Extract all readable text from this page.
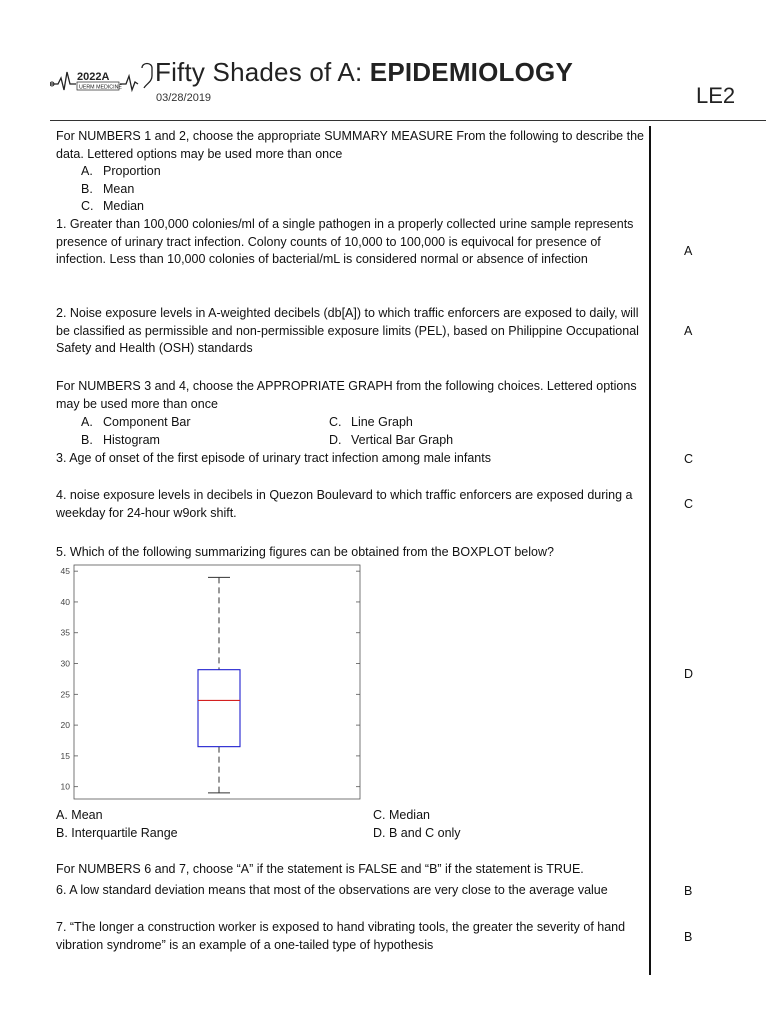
2022A
UERM MEDICINE
Fifty Shades of A: EPIDEMIOLOGY
03/28/2019	LE2
For NUMBERS 1 and 2, choose the appropriate SUMMARY MEASURE From the following to describe the data. Lettered options may be used more than once
A. Proportion
B. Mean
C. Median
1. Greater than 100,000 colonies/ml of a single pathogen in a properly collected urine sample represents presence of urinary tract infection. Colony counts of 10,000 to 100,000 is equivocal for presence of infection. Less than 10,000 colonies of bacterial/mL is considered normal or absence of infection
A
2. Noise exposure levels in A-weighted decibels (db[A]) to which traffic enforcers are exposed to daily, will be classified as permissible and non-permissible exposure limits (PEL), based on Philippine Occupational Safety and Health (OSH) standards
A
For NUMBERS 3 and 4, choose the APPROPRIATE GRAPH from the following choices. Lettered options may be used more than once
A. Component Bar
B. Histogram
C. Line Graph
D. Vertical Bar Graph
3. Age of onset of the first episode of urinary tract infection among male infants	C
4. noise exposure levels in decibels in Quezon Boulevard to which traffic enforcers are exposed during a weekday for 24-hour w9ork shift.
C
5. Which of the following summarizing figures can be obtained from the BOXPLOT below?
10
15
20
25
30
35
40
45
D
A. Mean
B. Interquartile Range
C. Median
D. B and C only
For NUMBERS 6 and 7, choose “A” if the statement is FALSE and “B” if the statement is TRUE.
6. A low standard deviation means that most of the observations are very close to the average value	B
7. “The longer a construction worker is exposed to hand vibrating tools, the greater the severity of hand vibration syndrome” is an example of a one-tailed type of hypothesis
B
